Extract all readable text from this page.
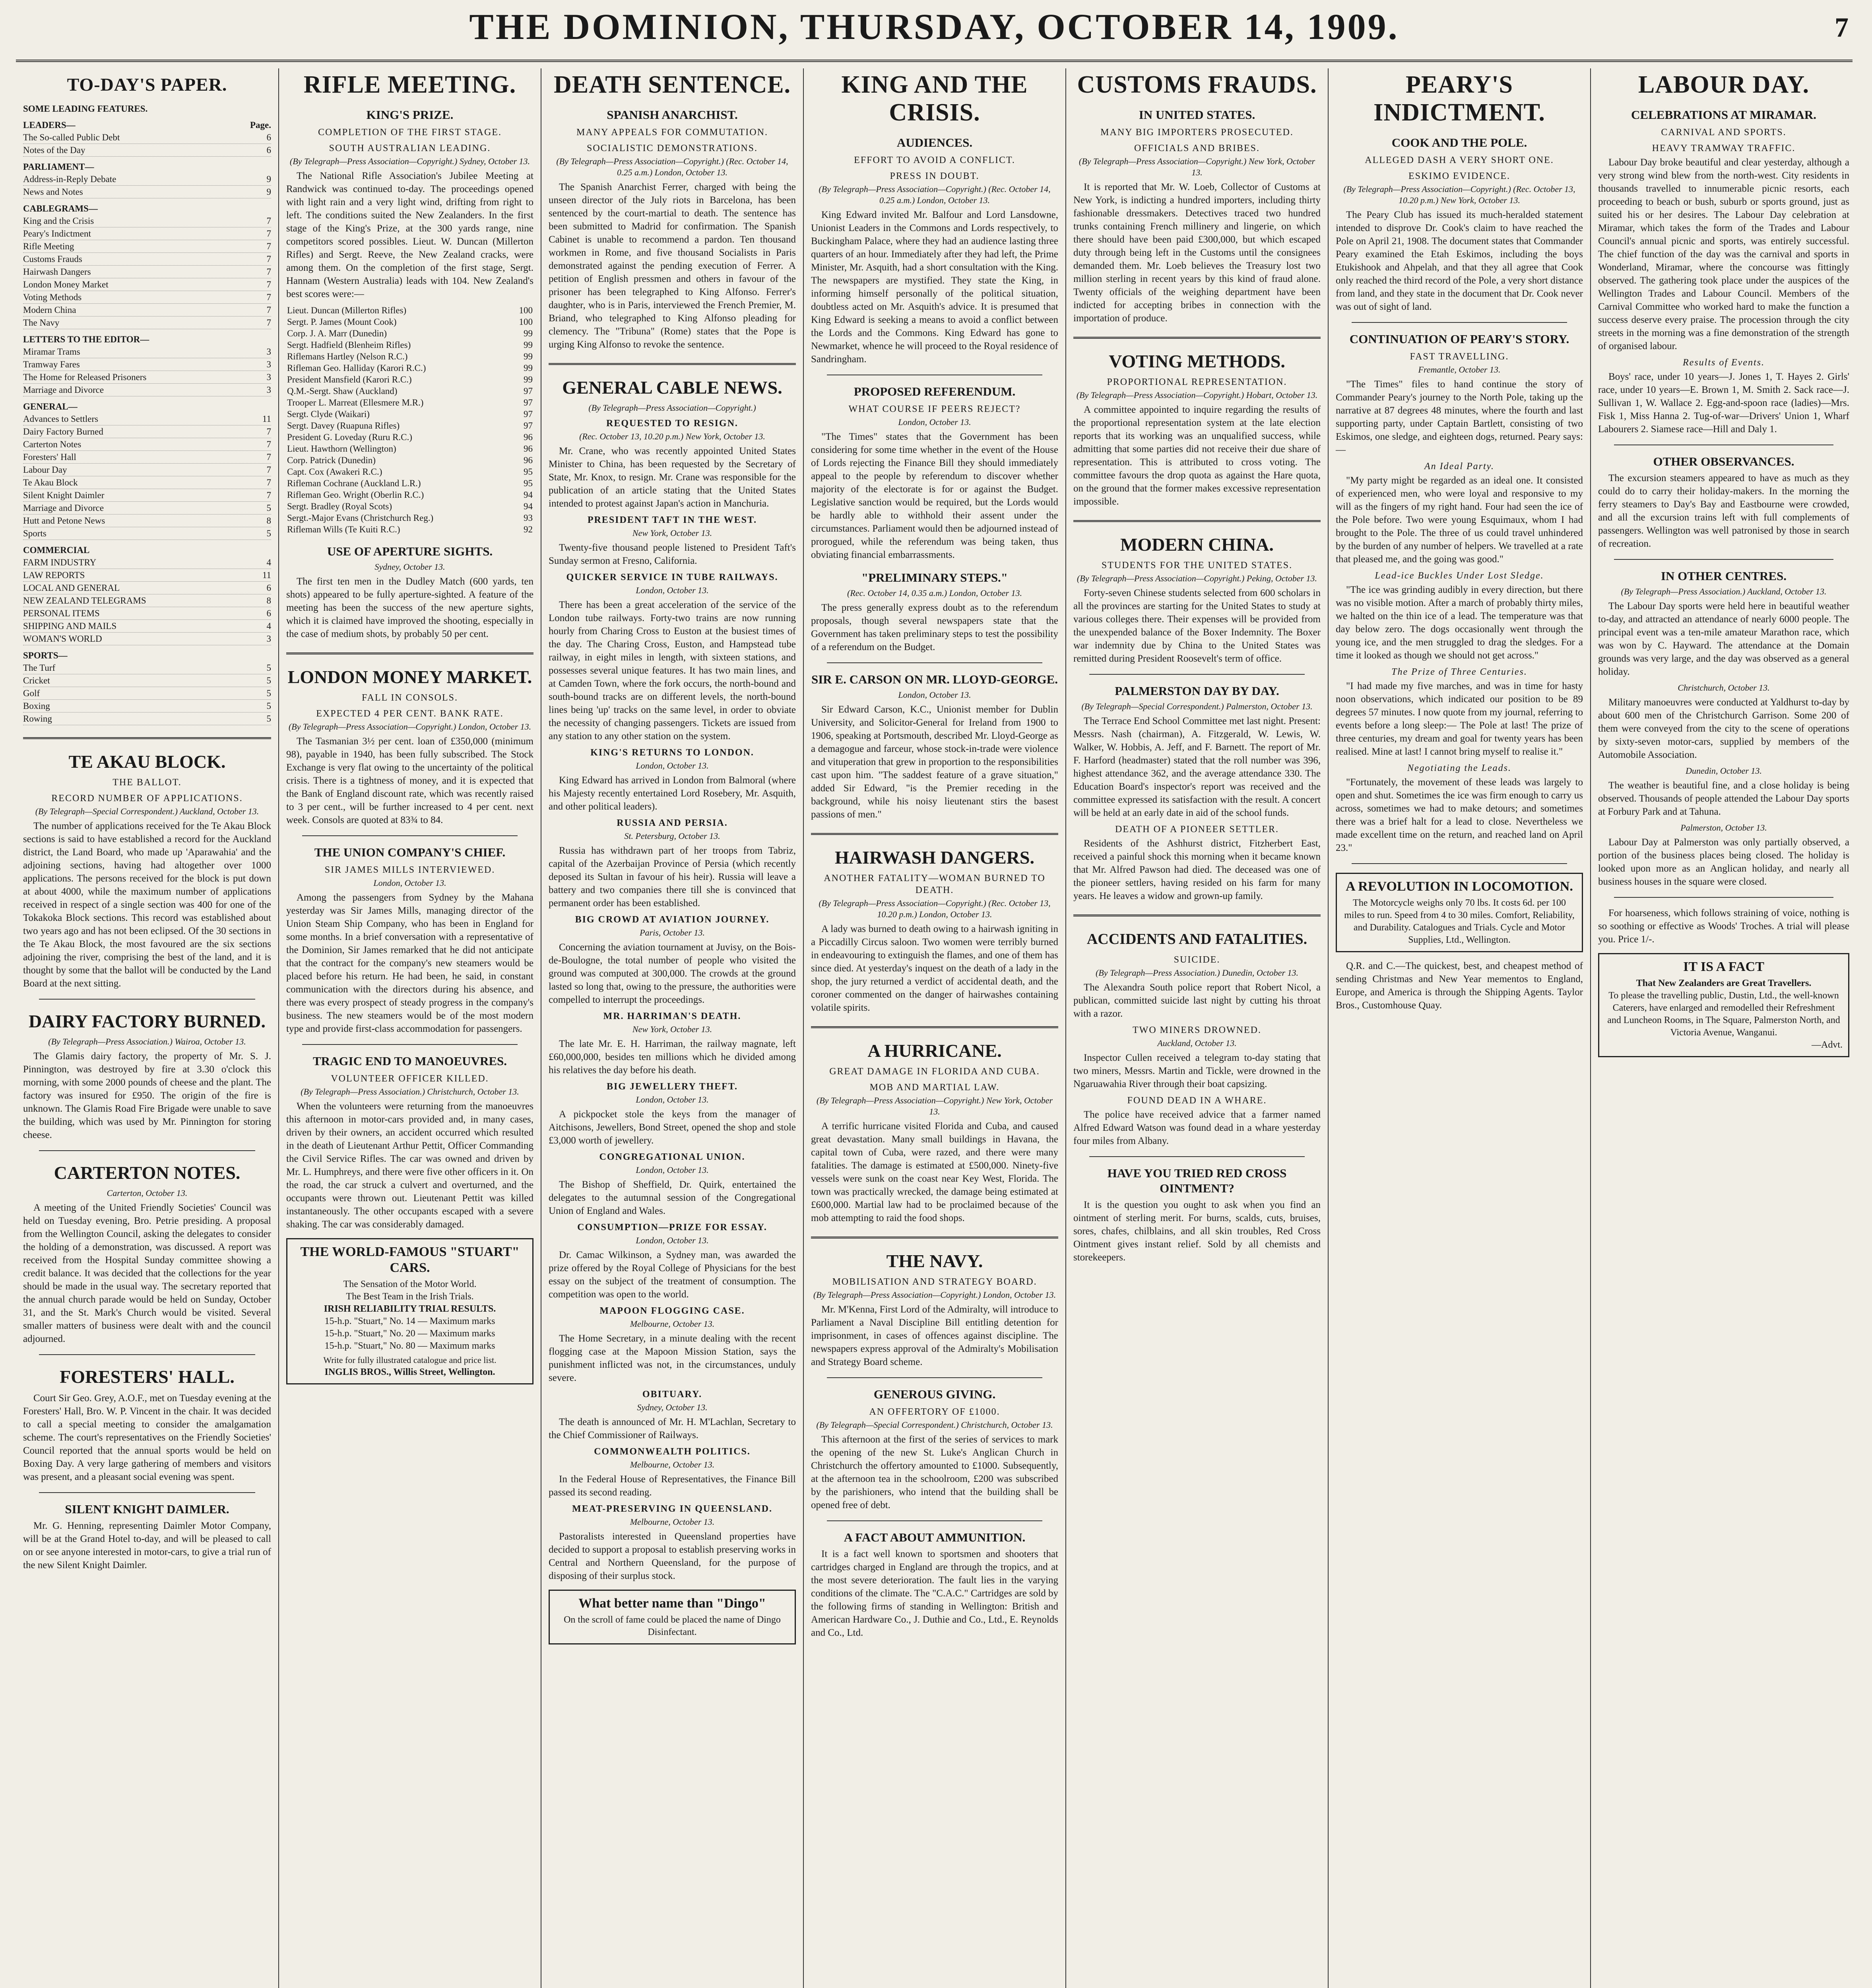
THE DOMINION, THURSDAY, OCTOBER 14, 1909.	7
TO-DAY'S PAPER.
SOME LEADING FEATURES.
LEADERS—	Page.
The So-called Public Debt	6
Notes of the Day	6
PARLIAMENT—
Address-in-Reply Debate	9
News and Notes	9
CABLEGRAMS—
King and the Crisis	7
Peary's Indictment	7
Rifle Meeting	7
Customs Frauds	7
Hairwash Dangers	7
London Money Market	7
Voting Methods	7
Modern China	7
The Navy	7
LETTERS TO THE EDITOR—
Miramar Trams	3
Tramway Fares	3
The Home for Released Prisoners	3
Marriage and Divorce	3
GENERAL—
Advances to Settlers	11
Dairy Factory Burned	7
Carterton Notes	7
Foresters' Hall	7
Labour Day	7
Te Akau Block	7
Silent Knight Daimler	7
Marriage and Divorce	5
Hutt and Petone News	8
Sports	5
COMMERCIAL
FARM INDUSTRY	4
LAW REPORTS	11
LOCAL AND GENERAL	6
NEW ZEALAND TELEGRAMS	8
PERSONAL ITEMS	6
SHIPPING AND MAILS	4
WOMAN'S WORLD	3
SPORTS—
The Turf	5
Cricket	5
Golf	5
Boxing	5
Rowing	5
TE AKAU BLOCK.
THE BALLOT.
RECORD NUMBER OF APPLICATIONS.
(By Telegraph—Special Correspondent.) Auckland, October 13.

The number of applications received for the Te Akau Block sections is said to have established a record for the Auckland district, the Land Board, who made up 'Aparawahia' and the adjoining sections, having had altogether over 1000 applications. The persons received for the block is put down at about 4000, while the maximum number of applications received in respect of a single section was 400 for one of the Tokakoka Block sections. This record was established about two years ago and has not been eclipsed. Of the 30 sections in the Te Akau Block, the most favoured are the six sections adjoining the river, comprising the best of the land, and it is thought by some that the ballot will be conducted by the Land Board at the next sitting.

DAIRY FACTORY BURNED.
(By Telegraph—Press Association.) Wairoa, October 13.

The Glamis dairy factory, the property of Mr. S. J. Pinnington, was destroyed by fire at 3.30 o'clock this morning, with some 2000 pounds of cheese and the plant. The factory was insured for £950. The origin of the fire is unknown. The Glamis Road Fire Brigade were unable to save the building, which was used by Mr. Pinnington for storing cheese.

CARTERTON NOTES.
Carterton, October 13.

A meeting of the United Friendly Societies' Council was held on Tuesday evening, Bro. Petrie presiding. A proposal from the Wellington Council, asking the delegates to consider the holding of a demonstration, was discussed. A report was received from the Hospital Sunday committee showing a credit balance. It was decided that the collections for the year should be made in the usual way. The secretary reported that the annual church parade would be held on Sunday, October 31, and the St. Mark's Church would be visited. Several smaller matters of business were dealt with and the council adjourned.

FORESTERS' HALL.

Court Sir Geo. Grey, A.O.F., met on Tuesday evening at the Foresters' Hall, Bro. W. P. Vincent in the chair. It was decided to call a special meeting to consider the amalgamation scheme. The court's representatives on the Friendly Societies' Council reported that the annual sports would be held on Boxing Day. A very large gathering of members and visitors was present, and a pleasant social evening was spent.

SILENT KNIGHT DAIMLER.

Mr. G. Henning, representing Daimler Motor Company, will be at the Grand Hotel to-day, and will be pleased to call on or see anyone interested in motor-cars, to give a trial run of the new Silent Knight Daimler.

RIFLE MEETING.
KING'S PRIZE.
COMPLETION OF THE FIRST STAGE.
SOUTH AUSTRALIAN LEADING.
(By Telegraph—Press Association—Copyright.) Sydney, October 13.

The National Rifle Association's Jubilee Meeting at Randwick was continued to-day. The proceedings opened with light rain and a very light wind, drifting from right to left. The conditions suited the New Zealanders. In the first stage of the King's Prize, at the 300 yards range, nine competitors scored possibles. Lieut. W. Duncan (Millerton Rifles) and Sergt. Reeve, the New Zealand cracks, were among them. On the completion of the first stage, Sergt. Hannam (Western Australia) leads with 104. New Zealand's best scores were:—

Lieut. Duncan (Millerton Rifles)	100
Sergt. P. James (Mount Cook)	100
Corp. J. A. Marr (Dunedin)	99
Sergt. Hadfield (Blenheim Rifles)	99
Riflemans Hartley (Nelson R.C.)	99
Rifleman Geo. Halliday (Karori R.C.)	99
President Mansfield (Karori R.C.)	99
Q.M.-Sergt. Shaw (Auckland)	97
Trooper L. Marreat (Ellesmere M.R.)	97
Sergt. Clyde (Waikari)	97
Sergt. Davey (Ruapuna Rifles)	97
President G. Loveday (Ruru R.C.)	96
Lieut. Hawthorn (Wellington)	96
Corp. Patrick (Dunedin)	96
Capt. Cox (Awakeri R.C.)	95
Rifleman Cochrane (Auckland L.R.)	95
Rifleman Geo. Wright (Oberlin R.C.)	94
Sergt. Bradley (Royal Scots)	94
Sergt.-Major Evans (Christchurch Reg.)	93
Rifleman Wills (Te Kuiti R.C.)	92
USE OF APERTURE SIGHTS.
Sydney, October 13.

The first ten men in the Dudley Match (600 yards, ten shots) appeared to be fully aperture-sighted. A feature of the meeting has been the success of the new aperture sights, which it is claimed have improved the shooting, especially in the case of medium shots, by probably 50 per cent.

LONDON MONEY MARKET.
FALL IN CONSOLS.
EXPECTED 4 PER CENT. BANK RATE.
(By Telegraph—Press Association—Copyright.) London, October 13.

The Tasmanian 3½ per cent. loan of £350,000 (minimum 98), payable in 1940, has been fully subscribed. The Stock Exchange is very flat owing to the uncertainty of the political crisis. There is a tightness of money, and it is expected that the Bank of England discount rate, which was recently raised to 3 per cent., will be further increased to 4 per cent. next week. Consols are quoted at 83¾ to 84.

THE UNION COMPANY'S CHIEF.
SIR JAMES MILLS INTERVIEWED.
London, October 13.

Among the passengers from Sydney by the Mahana yesterday was Sir James Mills, managing director of the Union Steam Ship Company, who has been in England for some months. In a brief conversation with a representative of the Dominion, Sir James remarked that he did not anticipate that the contract for the company's new steamers would be placed before his return. He had been, he said, in constant communication with the directors during his absence, and there was every prospect of steady progress in the company's business. The new steamers would be of the most modern type and provide first-class accommodation for passengers.

TRAGIC END TO MANOEUVRES.
VOLUNTEER OFFICER KILLED.
(By Telegraph—Press Association.) Christchurch, October 13.

When the volunteers were returning from the manoeuvres this afternoon in motor-cars provided and, in many cases, driven by their owners, an accident occurred which resulted in the death of Lieutenant Arthur Pettit, Officer Commanding the Civil Service Rifles. The car was owned and driven by Mr. L. Humphreys, and there were five other officers in it. On the road, the car struck a culvert and overturned, and the occupants were thrown out. Lieutenant Pettit was killed instantaneously. The other occupants escaped with a severe shaking. The car was considerably damaged.

THE WORLD-FAMOUS "STUART" CARS.
The Sensation of the Motor World.
The Best Team in the Irish Trials.
IRISH RELIABILITY TRIAL RESULTS.
15-h.p. "Stuart," No. 14 — Maximum marks
15-h.p. "Stuart," No. 20 — Maximum marks
15-h.p. "Stuart," No. 80 — Maximum marks
Write for fully illustrated catalogue and price list.
INGLIS BROS., Willis Street, Wellington.
DEATH SENTENCE.
SPANISH ANARCHIST.
MANY APPEALS FOR COMMUTATION.
SOCIALISTIC DEMONSTRATIONS.
(By Telegraph—Press Association—Copyright.) (Rec. October 14, 0.25 a.m.) London, October 13.

The Spanish Anarchist Ferrer, charged with being the unseen director of the July riots in Barcelona, has been sentenced by the court-martial to death. The sentence has been submitted to Madrid for confirmation. The Spanish Cabinet is unable to recommend a pardon. Ten thousand workmen in Rome, and five thousand Socialists in Paris demonstrated against the pending execution of Ferrer. A petition of English pressmen and others in favour of the prisoner has been telegraphed to King Alfonso. Ferrer's daughter, who is in Paris, interviewed the French Premier, M. Briand, who telegraphed to King Alfonso pleading for clemency. The "Tribuna" (Rome) states that the Pope is urging King Alfonso to revoke the sentence.

GENERAL CABLE NEWS.
(By Telegraph—Press Association—Copyright.)
REQUESTED TO RESIGN.
(Rec. October 13, 10.20 p.m.) New York, October 13.

Mr. Crane, who was recently appointed United States Minister to China, has been requested by the Secretary of State, Mr. Knox, to resign. Mr. Crane was responsible for the publication of an article stating that the United States intended to protest against Japan's action in Manchuria.

PRESIDENT TAFT IN THE WEST.
New York, October 13.

Twenty-five thousand people listened to President Taft's Sunday sermon at Fresno, California.

QUICKER SERVICE IN TUBE RAILWAYS.
London, October 13.

There has been a great acceleration of the service of the London tube railways. Forty-two trains are now running hourly from Charing Cross to Euston at the busiest times of the day. The Charing Cross, Euston, and Hampstead tube railway, in eight miles in length, with sixteen stations, and possesses several unique features. It has two main lines, and at Camden Town, where the fork occurs, the north-bound and south-bound tracks are on different levels, the north-bound lines being 'up' tracks on the same level, in order to obviate the necessity of changing passengers. Tickets are issued from any station to any other station on the system.

KING'S RETURNS TO LONDON.
London, October 13.

King Edward has arrived in London from Balmoral (where his Majesty recently entertained Lord Rosebery, Mr. Asquith, and other political leaders).

RUSSIA AND PERSIA.
St. Petersburg, October 13.

Russia has withdrawn part of her troops from Tabriz, capital of the Azerbaijan Province of Persia (which recently deposed its Sultan in favour of his heir). Russia will leave a battery and two companies there till she is convinced that permanent order has been established.

BIG CROWD AT AVIATION JOURNEY.
Paris, October 13.

Concerning the aviation tournament at Juvisy, on the Bois-de-Boulogne, the total number of people who visited the ground was computed at 300,000. The crowds at the ground lasted so long that, owing to the pressure, the authorities were compelled to interrupt the proceedings.

MR. HARRIMAN'S DEATH.
New York, October 13.

The late Mr. E. H. Harriman, the railway magnate, left £60,000,000, besides ten millions which he divided among his relatives the day before his death.

BIG JEWELLERY THEFT.
London, October 13.

A pickpocket stole the keys from the manager of Aitchisons, Jewellers, Bond Street, opened the shop and stole £3,000 worth of jewellery.

CONGREGATIONAL UNION.
London, October 13.

The Bishop of Sheffield, Dr. Quirk, entertained the delegates to the autumnal session of the Congregational Union of England and Wales.

CONSUMPTION—PRIZE FOR ESSAY.
London, October 13.

Dr. Camac Wilkinson, a Sydney man, was awarded the prize offered by the Royal College of Physicians for the best essay on the subject of the treatment of consumption. The competition was open to the world.

MAPOON FLOGGING CASE.
Melbourne, October 13.

The Home Secretary, in a minute dealing with the recent flogging case at the Mapoon Mission Station, says the punishment inflicted was not, in the circumstances, unduly severe.

OBITUARY.
Sydney, October 13.

The death is announced of Mr. H. M'Lachlan, Secretary to the Chief Commissioner of Railways.

COMMONWEALTH POLITICS.
Melbourne, October 13.

In the Federal House of Representatives, the Finance Bill passed its second reading.

MEAT-PRESERVING IN QUEENSLAND.
Melbourne, October 13.

Pastoralists interested in Queensland properties have decided to support a proposal to establish preserving works in Central and Northern Queensland, for the purpose of disposing of their surplus stock.

What better name than "Dingo"
On the scroll of fame could be placed the name of Dingo Disinfectant.
KING AND THE CRISIS.
AUDIENCES.
EFFORT TO AVOID A CONFLICT.
PRESS IN DOUBT.
(By Telegraph—Press Association—Copyright.) (Rec. October 14, 0.25 a.m.) London, October 13.

King Edward invited Mr. Balfour and Lord Lansdowne, Unionist Leaders in the Commons and Lords respectively, to Buckingham Palace, where they had an audience lasting three quarters of an hour. Immediately after they had left, the Prime Minister, Mr. Asquith, had a short consultation with the King. The newspapers are mystified. They state the King, in informing himself personally of the political situation, doubtless acted on Mr. Asquith's advice. It is presumed that King Edward is seeking a means to avoid a conflict between the Lords and the Commons. King Edward has gone to Newmarket, whence he will proceed to the Royal residence of Sandringham.

PROPOSED REFERENDUM.
WHAT COURSE IF PEERS REJECT?
London, October 13.

"The Times" states that the Government has been considering for some time whether in the event of the House of Lords rejecting the Finance Bill they should immediately appeal to the people by referendum to discover whether majority of the electorate is for or against the Budget. Legislative sanction would be required, but the Lords would be hardly able to withhold their assent under the circumstances. Parliament would then be adjourned instead of prorogued, while the referendum was being taken, thus obviating financial embarrassments.

"PRELIMINARY STEPS."
(Rec. October 14, 0.35 a.m.) London, October 13.

The press generally express doubt as to the referendum proposals, though several newspapers state that the Government has taken preliminary steps to test the possibility of a referendum on the Budget.

SIR E. CARSON ON MR. LLOYD-GEORGE.
London, October 13.

Sir Edward Carson, K.C., Unionist member for Dublin University, and Solicitor-General for Ireland from 1900 to 1906, speaking at Portsmouth, described Mr. Lloyd-George as a demagogue and farceur, whose stock-in-trade were violence and vituperation that grew in proportion to the responsibilities cast upon him. "The saddest feature of a grave situation," added Sir Edward, "is the Premier receding in the background, while his noisy lieutenant stirs the basest passions of men."

HAIRWASH DANGERS.
ANOTHER FATALITY—WOMAN BURNED TO DEATH.
(By Telegraph—Press Association—Copyright.) (Rec. October 13, 10.20 p.m.) London, October 13.

A lady was burned to death owing to a hairwash igniting in a Piccadilly Circus saloon. Two women were terribly burned in endeavouring to extinguish the flames, and one of them has since died. At yesterday's inquest on the death of a lady in the shop, the jury returned a verdict of accidental death, and the coroner commented on the danger of hairwashes containing volatile spirits.

A HURRICANE.
GREAT DAMAGE IN FLORIDA AND CUBA.
MOB AND MARTIAL LAW.
(By Telegraph—Press Association—Copyright.) New York, October 13.

A terrific hurricane visited Florida and Cuba, and caused great devastation. Many small buildings in Havana, the capital town of Cuba, were razed, and there were many fatalities. The damage is estimated at £500,000. Ninety-five vessels were sunk on the coast near Key West, Florida. The town was practically wrecked, the damage being estimated at £600,000. Martial law had to be proclaimed because of the mob attempting to raid the food shops.

THE NAVY.
MOBILISATION AND STRATEGY BOARD.
(By Telegraph—Press Association—Copyright.) London, October 13.

Mr. M'Kenna, First Lord of the Admiralty, will introduce to Parliament a Naval Discipline Bill entitling detention for imprisonment, in cases of offences against discipline. The newspapers express approval of the Admiralty's Mobilisation and Strategy Board scheme.

GENEROUS GIVING.
AN OFFERTORY OF £1000.
(By Telegraph—Special Correspondent.) Christchurch, October 13.

This afternoon at the first of the series of services to mark the opening of the new St. Luke's Anglican Church in Christchurch the offertory amounted to £1000. Subsequently, at the afternoon tea in the schoolroom, £200 was subscribed by the parishioners, who intend that the building shall be opened free of debt.

A FACT ABOUT AMMUNITION.

It is a fact well known to sportsmen and shooters that cartridges charged in England are through the tropics, and at the most severe deterioration. The fault lies in the varying conditions of the climate. The "C.A.C." Cartridges are sold by the following firms of standing in Wellington: British and American Hardware Co., J. Duthie and Co., Ltd., E. Reynolds and Co., Ltd.

CUSTOMS FRAUDS.
IN UNITED STATES.
MANY BIG IMPORTERS PROSECUTED.
OFFICIALS AND BRIBES.
(By Telegraph—Press Association—Copyright.) New York, October 13.

It is reported that Mr. W. Loeb, Collector of Customs at New York, is indicting a hundred importers, including thirty fashionable dressmakers. Detectives traced two hundred trunks containing French millinery and lingerie, on which there should have been paid £300,000, but which escaped duty through being left in the Customs until the consignees demanded them. Mr. Loeb believes the Treasury lost two million sterling in recent years by this kind of fraud alone. Twenty officials of the weighing department have been indicted for accepting bribes in connection with the importation of produce.

VOTING METHODS.
PROPORTIONAL REPRESENTATION.
(By Telegraph—Press Association—Copyright.) Hobart, October 13.

A committee appointed to inquire regarding the results of the proportional representation system at the late election reports that its working was an unqualified success, while admitting that some parties did not receive their due share of representation. This is attributed to cross voting. The committee favours the drop quota as against the Hare quota, on the ground that the former makes excessive representation impossible.

MODERN CHINA.
STUDENTS FOR THE UNITED STATES.
(By Telegraph—Press Association—Copyright.) Peking, October 13.

Forty-seven Chinese students selected from 600 scholars in all the provinces are starting for the United States to study at various colleges there. Their expenses will be provided from the unexpended balance of the Boxer Indemnity. The Boxer war indemnity due by China to the United States was remitted during President Roosevelt's term of office.

PALMERSTON DAY BY DAY.
(By Telegraph—Special Correspondent.) Palmerston, October 13.

The Terrace End School Committee met last night. Present: Messrs. Nash (chairman), A. Fitzgerald, W. Lewis, W. Walker, W. Hobbis, A. Jeff, and F. Barnett. The report of Mr. F. Harford (headmaster) stated that the roll number was 396, highest attendance 362, and the average attendance 330. The Education Board's inspector's report was received and the committee expressed its satisfaction with the result. A concert will be held at an early date in aid of the school funds.

DEATH OF A PIONEER SETTLER.

Residents of the Ashhurst district, Fitzherbert East, received a painful shock this morning when it became known that Mr. Alfred Pawson had died. The deceased was one of the pioneer settlers, having resided on his farm for many years. He leaves a widow and grown-up family.

ACCIDENTS AND FATALITIES.
SUICIDE.
(By Telegraph—Press Association.) Dunedin, October 13.

The Alexandra South police report that Robert Nicol, a publican, committed suicide last night by cutting his throat with a razor.

TWO MINERS DROWNED.
Auckland, October 13.

Inspector Cullen received a telegram to-day stating that two miners, Messrs. Martin and Tickle, were drowned in the Ngaruawahia River through their boat capsizing.

FOUND DEAD IN A WHARE.

The police have received advice that a farmer named Alfred Edward Watson was found dead in a whare yesterday four miles from Albany.

HAVE YOU TRIED RED CROSS OINTMENT?

It is the question you ought to ask when you find an ointment of sterling merit. For burns, scalds, cuts, bruises, sores, chafes, chilblains, and all skin troubles, Red Cross Ointment gives instant relief. Sold by all chemists and storekeepers.

PEARY'S INDICTMENT.
COOK AND THE POLE.
ALLEGED DASH A VERY SHORT ONE.
ESKIMO EVIDENCE.
(By Telegraph—Press Association—Copyright.) (Rec. October 13, 10.20 p.m.) New York, October 13.

The Peary Club has issued its much-heralded statement intended to disprove Dr. Cook's claim to have reached the Pole on April 21, 1908. The document states that Commander Peary examined the Etah Eskimos, including the boys Etukishook and Ahpelah, and that they all agree that Cook only reached the third record of the Pole, a very short distance from land, and they state in the document that Dr. Cook never was out of sight of land.

CONTINUATION OF PEARY'S STORY.
FAST TRAVELLING.
Fremantle, October 13.

"The Times" files to hand continue the story of Commander Peary's journey to the North Pole, taking up the narrative at 87 degrees 48 minutes, where the fourth and last supporting party, under Captain Bartlett, consisting of two Eskimos, one sledge, and eighteen dogs, returned. Peary says:—

An Ideal Party.

"My party might be regarded as an ideal one. It consisted of experienced men, who were loyal and responsive to my will as the fingers of my right hand. Four had seen the ice of the Pole before. Two were young Esquimaux, whom I had brought to the Pole. The three of us could travel unhindered by the burden of any number of helpers. We travelled at a rate that pleased me, and the going was good."

Lead-ice Buckles Under Lost Sledge.

"The ice was grinding audibly in every direction, but there was no visible motion. After a march of probably thirty miles, we halted on the thin ice of a lead. The temperature was that day below zero. The dogs occasionally went through the young ice, and the men struggled to drag the sledges. For a time it looked as though we should not get across."

The Prize of Three Centuries.

"I had made my five marches, and was in time for hasty noon observations, which indicated our position to be 89 degrees 57 minutes. I now quote from my journal, referring to events before a long sleep:— The Pole at last! The prize of three centuries, my dream and goal for twenty years has been realised. Mine at last! I cannot bring myself to realise it."

Negotiating the Leads.

"Fortunately, the movement of these leads was largely to open and shut. Sometimes the ice was firm enough to carry us across, sometimes we had to make detours; and sometimes there was a brief halt for a lead to close. Nevertheless we made excellent time on the return, and reached land on April 23."

A REVOLUTION IN LOCOMOTION.
The Motorcycle weighs only 70 lbs. It costs 6d. per 100 miles to run. Speed from 4 to 30 miles. Comfort, Reliability, and Durability. Catalogues and Trials. Cycle and Motor Supplies, Ltd., Wellington.

Q.R. and C.—The quickest, best, and cheapest method of sending Christmas and New Year mementos to England, Europe, and America is through the Shipping Agents. Taylor Bros., Customhouse Quay.

LABOUR DAY.
CELEBRATIONS AT MIRAMAR.
CARNIVAL AND SPORTS.
HEAVY TRAMWAY TRAFFIC.

Labour Day broke beautiful and clear yesterday, although a very strong wind blew from the north-west. City residents in thousands travelled to innumerable picnic resorts, each proceeding to beach or bush, suburb or sports ground, just as suited his or her desires. The Labour Day celebration at Miramar, which takes the form of the Trades and Labour Council's annual picnic and sports, was entirely successful. The chief function of the day was the carnival and sports in Wonderland, Miramar, where the concourse was fittingly observed. The gathering took place under the auspices of the Wellington Trades and Labour Council. Members of the Carnival Committee who worked hard to make the function a success deserve every praise. The procession through the city streets in the morning was a fine demonstration of the strength of organised labour.

Results of Events.

Boys' race, under 10 years—J. Jones 1, T. Hayes 2. Girls' race, under 10 years—E. Brown 1, M. Smith 2. Sack race—J. Sullivan 1, W. Wallace 2. Egg-and-spoon race (ladies)—Mrs. Fisk 1, Miss Hanna 2. Tug-of-war—Drivers' Union 1, Wharf Labourers 2. Siamese race—Hill and Daly 1.

OTHER OBSERVANCES.

The excursion steamers appeared to have as much as they could do to carry their holiday-makers. In the morning the ferry steamers to Day's Bay and Eastbourne were crowded, and all the excursion trains left with full complements of passengers. Wellington was well patronised by those in search of recreation.

IN OTHER CENTRES.
(By Telegraph—Press Association.) Auckland, October 13.

The Labour Day sports were held here in beautiful weather to-day, and attracted an attendance of nearly 6000 people. The principal event was a ten-mile amateur Marathon race, which was won by C. Hayward. The attendance at the Domain grounds was very large, and the day was observed as a general holiday.

Christchurch, October 13.

Military manoeuvres were conducted at Yaldhurst to-day by about 600 men of the Christchurch Garrison. Some 200 of them were conveyed from the city to the scene of operations by sixty-seven motor-cars, supplied by members of the Automobile Association.

Dunedin, October 13.

The weather is beautiful fine, and a close holiday is being observed. Thousands of people attended the Labour Day sports at Forbury Park and at Tahuna.

Palmerston, October 13.

Labour Day at Palmerston was only partially observed, a portion of the business places being closed. The holiday is looked upon more as an Anglican holiday, and nearly all business houses in the square were closed.

For hoarseness, which follows straining of voice, nothing is so soothing or effective as Woods' Troches. A trial will please you. Price 1/-.

IT IS A FACT
That New Zealanders are Great Travellers.
To please the travelling public, Dustin, Ltd., the well-known Caterers, have enlarged and remodelled their Refreshment and Luncheon Rooms, in The Square, Palmerston North, and Victoria Avenue, Wanganui.
—Advt.
